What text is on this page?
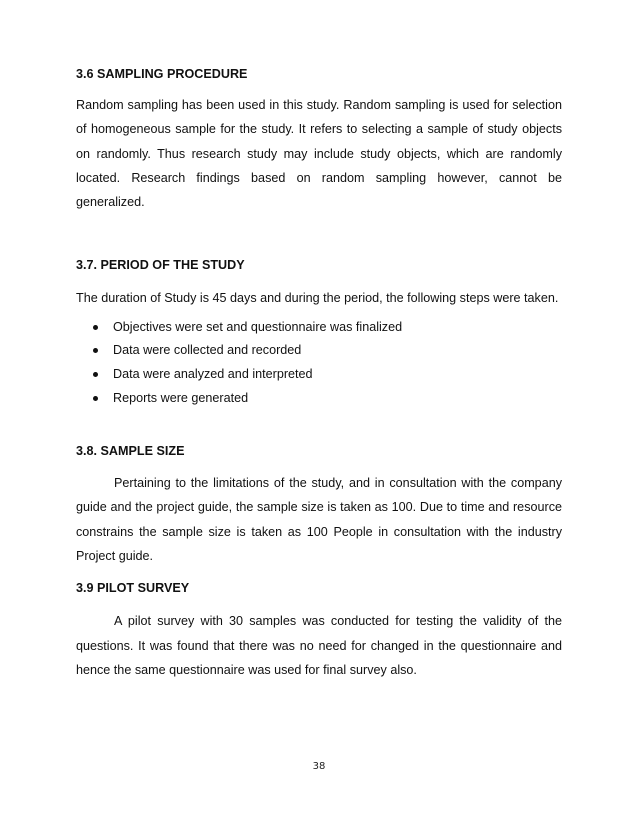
3.6 SAMPLING PROCEDURE

Random sampling has been used in this study. Random sampling is used for selection of homogeneous sample for the study. It refers to selecting a sample of study objects on randomly. Thus research study may include study objects, which are randomly located. Research findings based on random sampling however, cannot be generalized.

3.7. PERIOD OF THE STUDY

The duration of Study is 45 days and during the period, the following steps were taken.

Objectives were set and questionnaire was finalized
Data were collected and recorded
Data were analyzed and interpreted
Reports were generated
3.8. SAMPLE SIZE

Pertaining to the limitations of the study, and in consultation with the company guide and the project guide, the sample size is taken as 100. Due to time and resource constrains the sample size is taken as 100 People in consultation with the industry Project guide.

3.9 PILOT SURVEY

A pilot survey with 30 samples was conducted for testing the validity of the questions. It was found that there was no need for changed in the questionnaire and hence the same questionnaire was used for final survey also.

38
